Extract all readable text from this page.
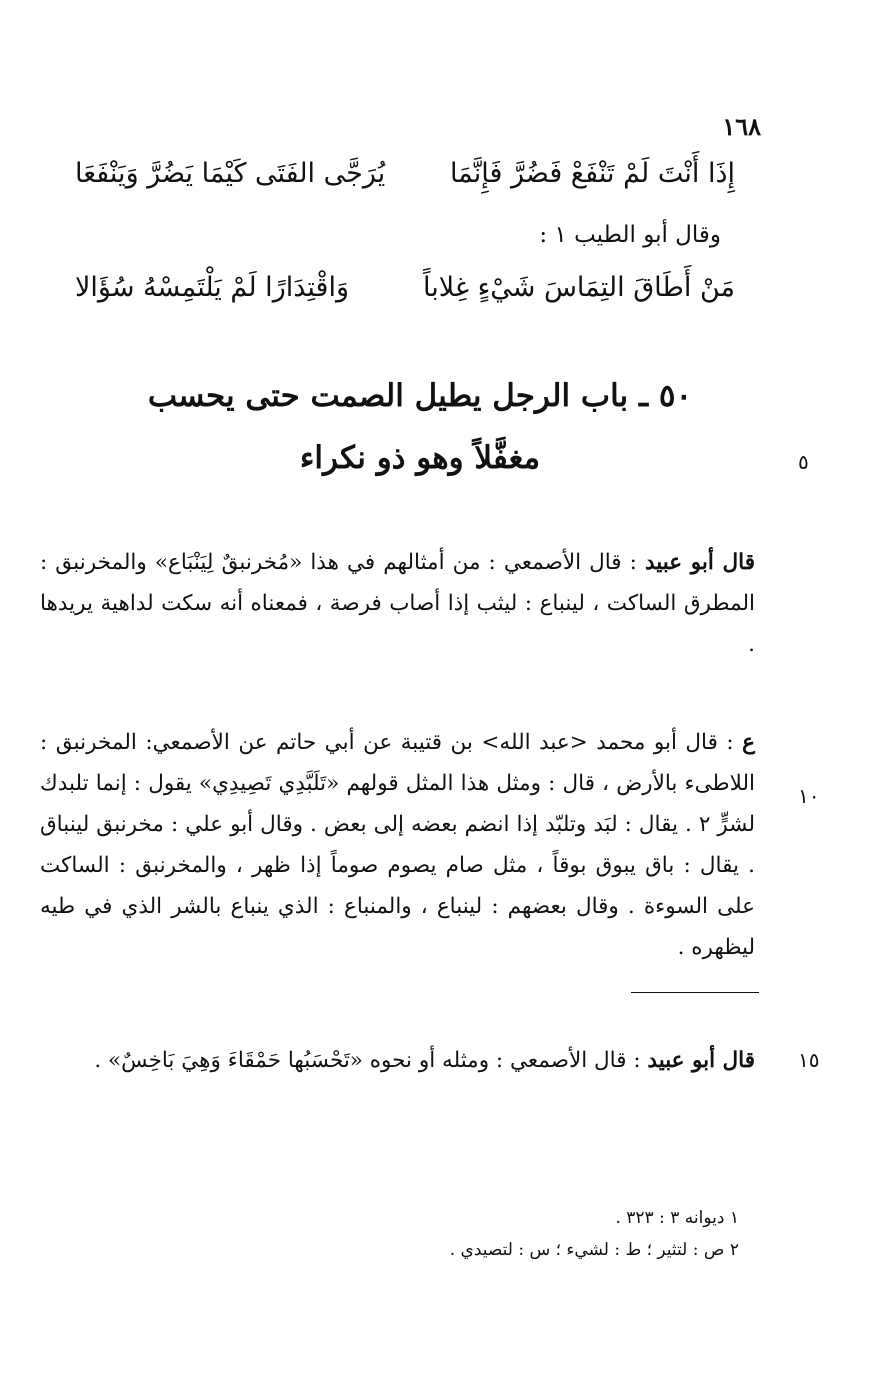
١٦٨
إِذَا أَنْتَ لَمْ تَنْفَعْ فَضُرَّ فَإِنَّمَا
يُرَجَّى الفَتَى كَيْمَا يَضُرَّ وَيَنْفَعَا
وقال أبو الطيب ١ :
مَنْ أَطَاقَ التِمَاسَ شَيْءٍ غِلاباً
وَاقْتِدَارًا لَمْ يَلْتَمِسْهُ سُؤَالا
٥٠ ـ باب الرجل يطيل الصمت حتى يحسب
مغفَّلاً وهو ذو نكراء	٥
قال أبو عبيد : قال الأصمعي : من أمثالهم في هذا «مُخرنبقٌ لِيَنْبَاع» والمخرنبق : المطرق الساكت ، لينباع : ليثب إذا أصاب فرصة ، فمعناه أنه سكت لداهية يريدها .
ع : قال أبو محمد <عبد الله> بن قتيبة عن أبي حاتم عن الأصمعي: المخرنبق : اللاطىء بالأرض ، قال : ومثل هذا المثل قولهم «تَلَبَّدِي تَصِيدِي» يقول : إنما تلبدك لشرٍّ ٢ . يقال : لبَد وتلبّد إذا انضم بعضه إلى بعض . وقال أبو علي : مخرنبق لينباق . يقال : باق يبوق بوقاً ، مثل صام يصوم صوماً إذا ظهر ، والمخرنبق : الساكت على السوءة . وقال بعضهم : لينباع ، والمنباع : الذي ينباع بالشر الذي في طيه ليظهره .
١٠
قال أبو عبيد : قال الأصمعي : ومثله أو نحوه «تَحْسَبُها حَمْقَاءَ وَهِيَ بَاخِسٌ» .	١٥
١ ديوانه ٣ : ٣٢٣ .
٢ ص : لتثير ؛ ط : لشيء ؛ س : لتصيدي .
